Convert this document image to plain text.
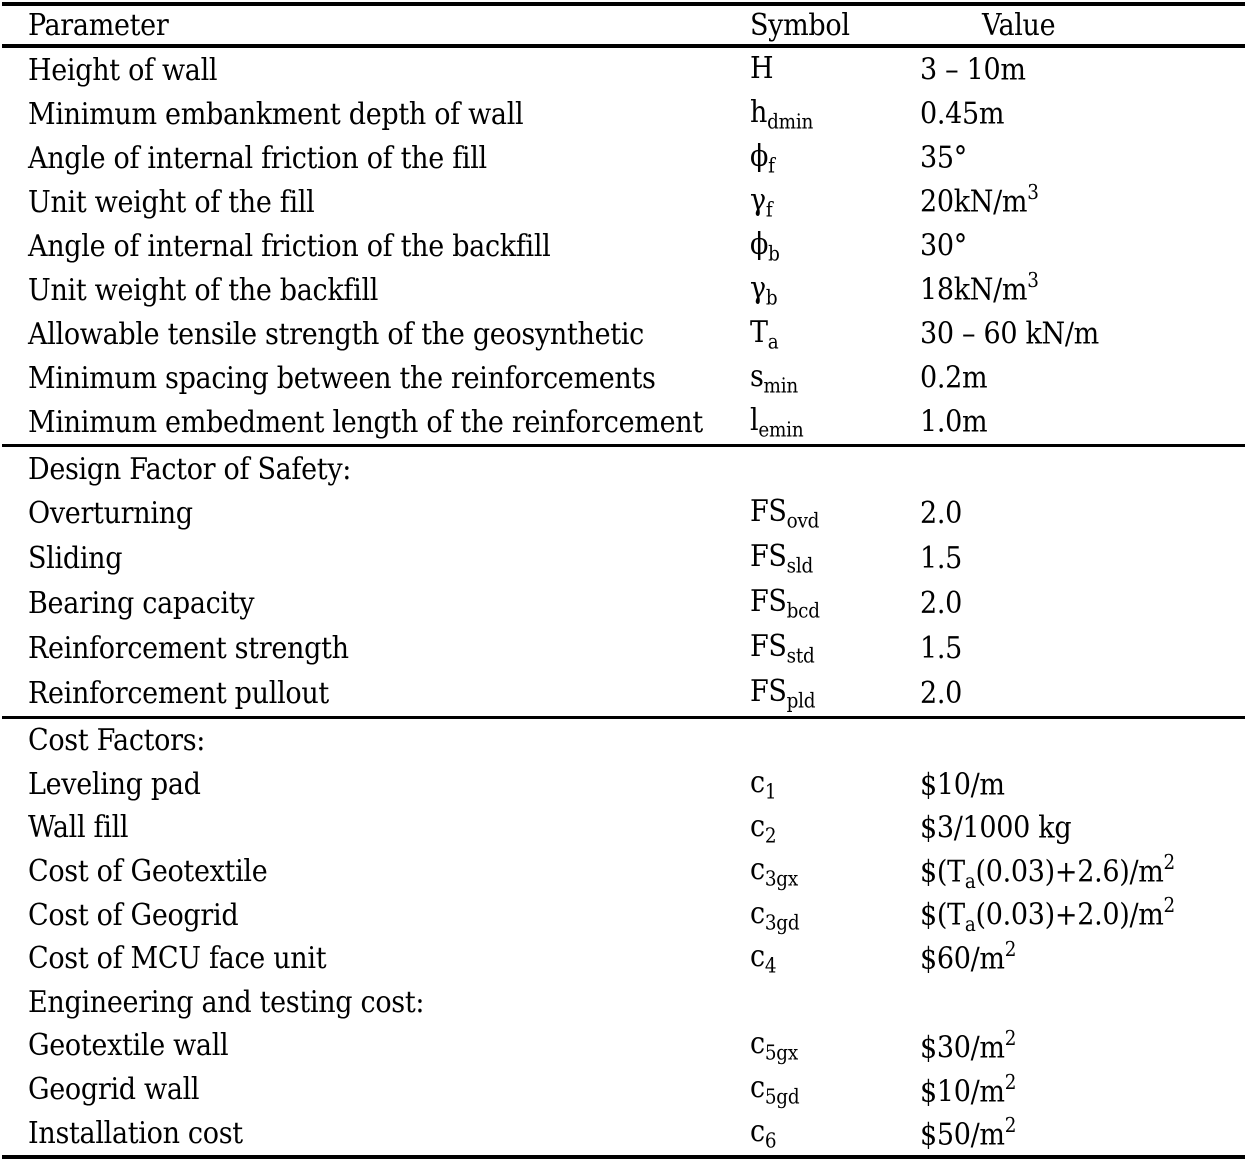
Parameter	Symbol	Value
Height of wall	H	3 – 10m
Minimum embankment depth of wall	$h_{dmin}$	0.45m
Angle of internal friction of the fill	$\phi_f$	35°
Unit weight of the fill	$\gamma_f$	$20kN/m^3$
Angle of internal friction of the backfill	$\phi_b$	30°
Unit weight of the backfill	$\gamma_b$	$18kN/m^3$
Allowable tensile strength of the geosynthetic	$T_a$	30 – 60 kN/m
Minimum spacing between the reinforcements	$s_{min}$	0.2m
Minimum embedment length of the reinforcement	$l_{emin}$	1.0m
Design Factor of Safety:
Overturning	$FS_{ovd}$	2.0
Sliding	$FS_{sld}$	1.5
Bearing capacity	$FS_{bcd}$	2.0
Reinforcement strength	$FS_{std}$	1.5
Reinforcement pullout	$FS_{pld}$	2.0
Cost Factors:
Leveling pad	$c_1$	$10/m
Wall fill	$c_2$	$3/1000 kg
Cost of Geotextile	$c_{3gx}$	$\$(T_a(0.03)+2.6)/m^2$
Cost of Geogrid	$c_{3gd}$	$\$(T_a(0.03)+2.0)/m^2$
Cost of MCU face unit	$c_4$	$\$60/m^2$
Engineering and testing cost:
Geotextile wall	$c_{5gx}$	$\$30/m^2$
Geogrid wall	$c_{5gd}$	$\$10/m^2$
Installation cost	$c_6$	$\$50/m^2$
